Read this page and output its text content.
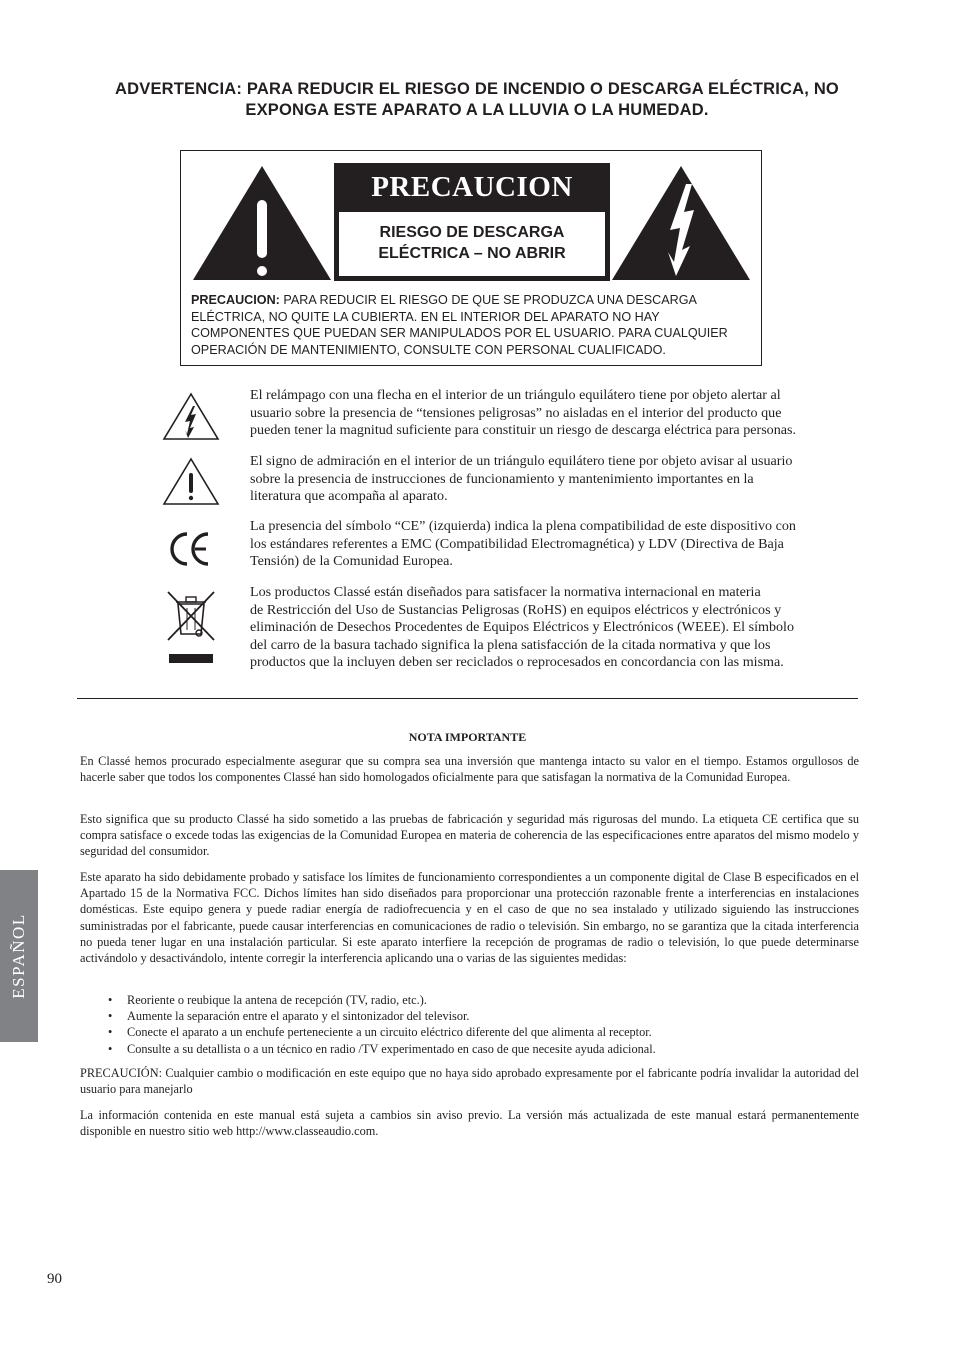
ADVERTENCIA: PARA REDUCIR EL RIESGO DE INCENDIO O DESCARGA ELÉCTRICA, NO
EXPONGA ESTE APARATO A LA LLUVIA O LA HUMEDAD.
PRECAUCION
RIESGO DE DESCARGA
ELÉCTRICA – NO ABRIR
PRECAUCION: PARA REDUCIR EL RIESGO DE QUE SE PRODUZCA UNA DESCARGA
ELÉCTRICA, NO QUITE LA CUBIERTA. EN EL INTERIOR DEL APARATO NO HAY
COMPONENTES QUE PUEDAN SER MANIPULADOS POR EL USUARIO. PARA CUALQUIER
OPERACIÓN DE MANTENIMIENTO, CONSULTE CON PERSONAL CUALIFICADO.
El relámpago con una flecha en el interior de un triángulo equilátero tiene por objeto alertar al
usuario sobre la presencia de “tensiones peligrosas” no aisladas en el interior del producto que
pueden tener la magnitud suficiente para constituir un riesgo de descarga eléctrica para personas.
El signo de admiración en el interior de un triángulo equilátero tiene por objeto avisar al usuario
sobre la presencia de instrucciones de funcionamiento y mantenimiento importantes en la
literatura que acompaña al aparato.
La presencia del símbolo “CE” (izquierda) indica la plena compatibilidad de este dispositivo con
los estándares referentes a EMC (Compatibilidad Electromagnética) y LDV (Directiva de Baja
Tensión) de la Comunidad Europea.
Los productos Classé están diseñados para satisfacer la normativa internacional en materia
de Restricción del Uso de Sustancias Peligrosas (RoHS) en equipos eléctricos y electrónicos y
eliminación de Desechos Procedentes de Equipos Eléctricos y Electrónicos (WEEE). El símbolo
del carro de la basura tachado significa la plena satisfacción de la citada normativa y que los
productos que la incluyen deben ser reciclados o reprocesados en concordancia con las misma.
NOTA IMPORTANTE
En Classé hemos procurado especialmente asegurar que su compra sea una inversión que mantenga intacto su valor en el tiempo. Estamos orgullosos de hacerle saber que todos los componentes Classé han sido homologados oficialmente para que satisfagan la normativa de la Comunidad Europea.
Esto significa que su producto Classé ha sido sometido a las pruebas de fabricación y seguridad más rigurosas del mundo. La etiqueta CE certifica que su compra satisface o excede todas las exigencias de la Comunidad Europea en materia de coherencia de las especificaciones entre aparatos del mismo modelo y seguridad del consumidor.
Este aparato ha sido debidamente probado y satisface los límites de funcionamiento correspondientes a un componente digital de Clase B especificados en el Apartado 15 de la Normativa FCC. Dichos límites han sido diseñados para proporcionar una protección razonable frente a interferencias en instalaciones domésticas. Este equipo genera y puede radiar energía de radiofrecuencia y en el caso de que no sea instalado y utilizado siguiendo las instrucciones suministradas por el fabricante, puede causar interferencias en comunicaciones de radio o televisión. Sin embargo, no se garantiza que la citada interferencia no pueda tener lugar en una instalación particular. Si este aparato interfiere la recepción de programas de radio o televisión, lo que puede determinarse activándolo y desactivándolo, intente corregir la interferencia aplicando una o varias de las siguientes medidas:
• Reoriente o reubique la antena de recepción (TV, radio, etc.).
• Aumente la separación entre el aparato y el sintonizador del televisor.
• Conecte el aparato a un enchufe perteneciente a un circuito eléctrico diferente del que alimenta al receptor.
• Consulte a su detallista o a un técnico en radio /TV experimentado en caso de que necesite ayuda adicional.
PRECAUCIÓN: Cualquier cambio o modificación en este equipo que no haya sido aprobado expresamente por el fabricante podría invalidar la autoridad del usuario para manejarlo
La información contenida en este manual está sujeta a cambios sin aviso previo. La versión más actualizada de este manual estará permanentemente disponible en nuestro sitio web http://www.classeaudio.com.
ESPAÑOL
90
